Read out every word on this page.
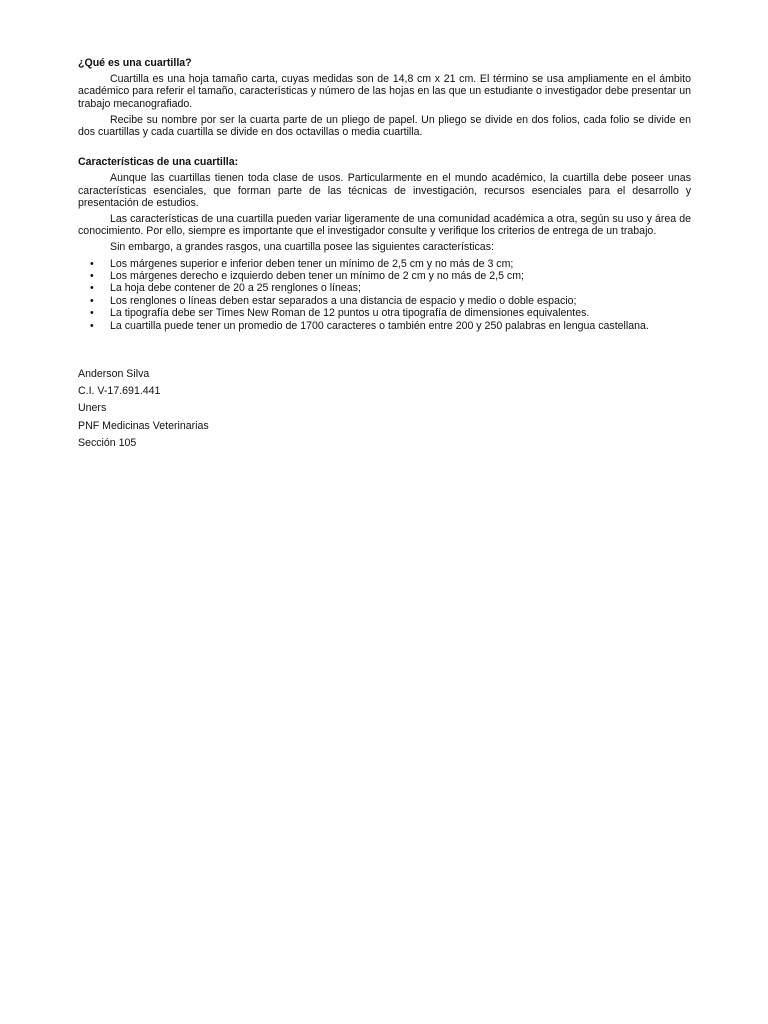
¿Qué es una cuartilla?

Cuartilla es una hoja tamaño carta, cuyas medidas son de 14,8 cm x 21 cm. El término se usa ampliamente en el ámbito académico para referir el tamaño, características y número de las hojas en las que un estudiante o investigador debe presentar un trabajo mecanografiado.

Recibe su nombre por ser la cuarta parte de un pliego de papel. Un pliego se divide en dos folios, cada folio se divide en dos cuartillas y cada cuartilla se divide en dos octavillas o media cuartilla.

Características de una cuartilla:

Aunque las cuartillas tienen toda clase de usos. Particularmente en el mundo académico, la cuartilla debe poseer unas características esenciales, que forman parte de las técnicas de investigación, recursos esenciales para el desarrollo y presentación de estudios.

Las características de una cuartilla pueden variar ligeramente de una comunidad académica a otra, según su uso y área de conocimiento. Por ello, siempre es importante que el investigador consulte y verifique los criterios de entrega de un trabajo.

Sin embargo, a grandes rasgos, una cuartilla posee las siguientes características:

• Los márgenes superior e inferior deben tener un mínimo de 2,5 cm y no más de 3 cm;
• Los márgenes derecho e izquierdo deben tener un mínimo de 2 cm y no más de 2,5 cm;
• La hoja debe contener de 20 a 25 renglones o líneas;
• Los renglones o líneas deben estar separados a una distancia de espacio y medio o doble espacio;
• La tipografía debe ser Times New Roman de 12 puntos u otra tipografía de dimensiones equivalentes.
• La cuartilla puede tener un promedio de 1700 caracteres o también entre 200 y 250 palabras en lengua castellana.
Anderson Silva
C.I. V-17.691.441
Uners
PNF Medicinas Veterinarias
Sección 105
